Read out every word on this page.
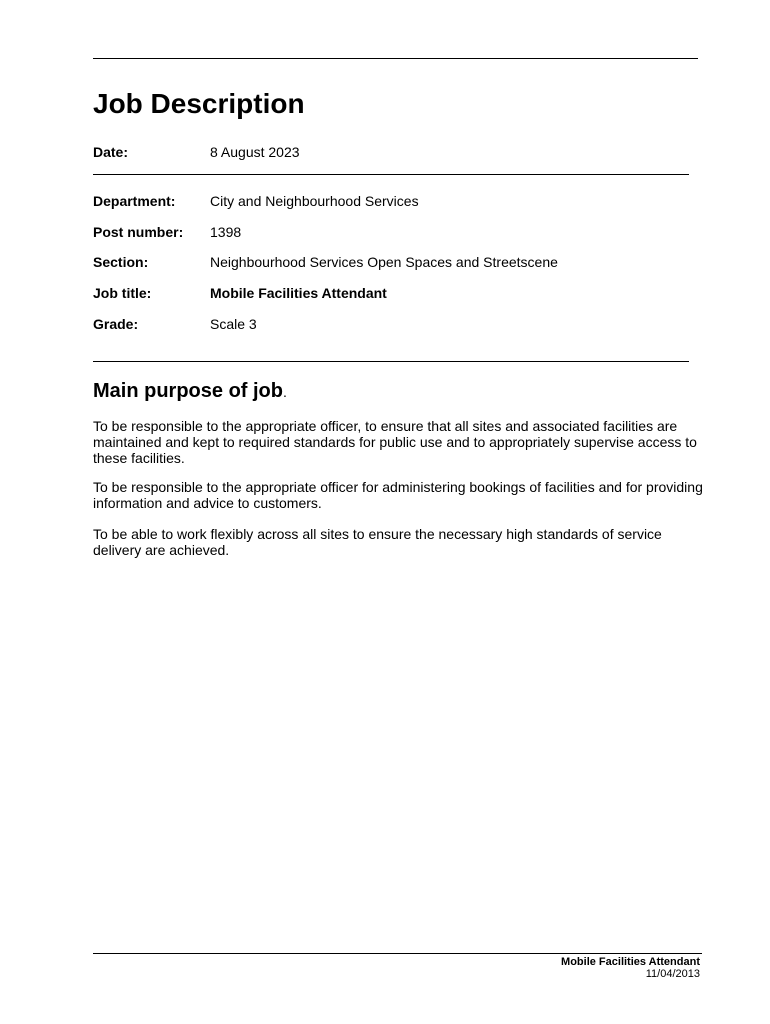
Job Description
Date:	8 August 2023
Department: City and Neighbourhood Services
Post number: 1398
Section:	Neighbourhood Services Open Spaces and Streetscene
Job title:	Mobile Facilities Attendant
Grade:	Scale 3
Main purpose of job.
To be responsible to the appropriate officer, to ensure that all sites and associated facilities are maintained and kept to required standards for public use and to appropriately supervise access to these facilities.
To be responsible to the appropriate officer for administering bookings of facilities and for providing information and advice to customers.
To be able to work flexibly across all sites to ensure the necessary high standards of service delivery are achieved.
Mobile Facilities Attendant
11/04/2013
